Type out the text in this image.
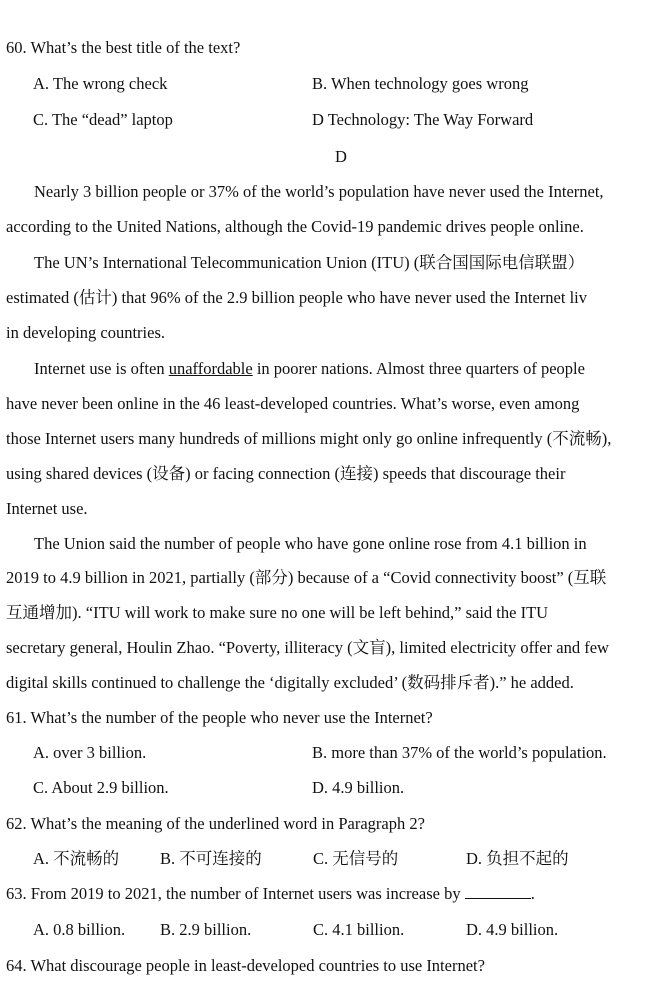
60. What’s the best title of the text?
A. The wrong check	B. When technology goes wrong
C. The “dead” laptop	D Technology: The Way Forward
D
Nearly 3 billion people or 37% of the world’s population have never used the Internet,
according to the United Nations, although the Covid-19 pandemic drives people online.
The UN’s International Telecommunication Union (ITU) (联合国国际电信联盟）
estimated (估计) that 96% of the 2.9 billion people who have never used the Internet liv
in developing countries.
Internet use is often unaffordable in poorer nations. Almost three quarters of people
have never been online in the 46 least-developed countries. What’s worse, even among
those Internet users many hundreds of millions might only go online infrequently (不流畅),
using shared devices (设备) or facing connection (连接) speeds that discourage their
Internet use.
The Union said the number of people who have gone online rose from 4.1 billion in
2019 to 4.9 billion in 2021, partially (部分) because of a “Covid connectivity boost” (互联
互通增加). “ITU will work to make sure no one will be left behind,” said the ITU
secretary general, Houlin Zhao. “Poverty, illiteracy (文盲), limited electricity offer and few
digital skills continued to challenge the ‘digitally excluded’ (数码排斥者).” he added.
61. What’s the number of the people who never use the Internet?
A. over 3 billion.	B. more than 37% of the world’s population.
C. About 2.9 billion.	D. 4.9 billion.
62. What’s the meaning of the underlined word in Paragraph 2?
A. 不流畅的 B. 不可连接的	C. 无信号的	D. 负担不起的
63. From 2019 to 2021, the number of Internet users was increase by	.
A. 0.8 billion. B. 2.9 billion.	C. 4.1 billion.	D. 4.9 billion.
64. What discourage people in least-developed countries to use Internet?
